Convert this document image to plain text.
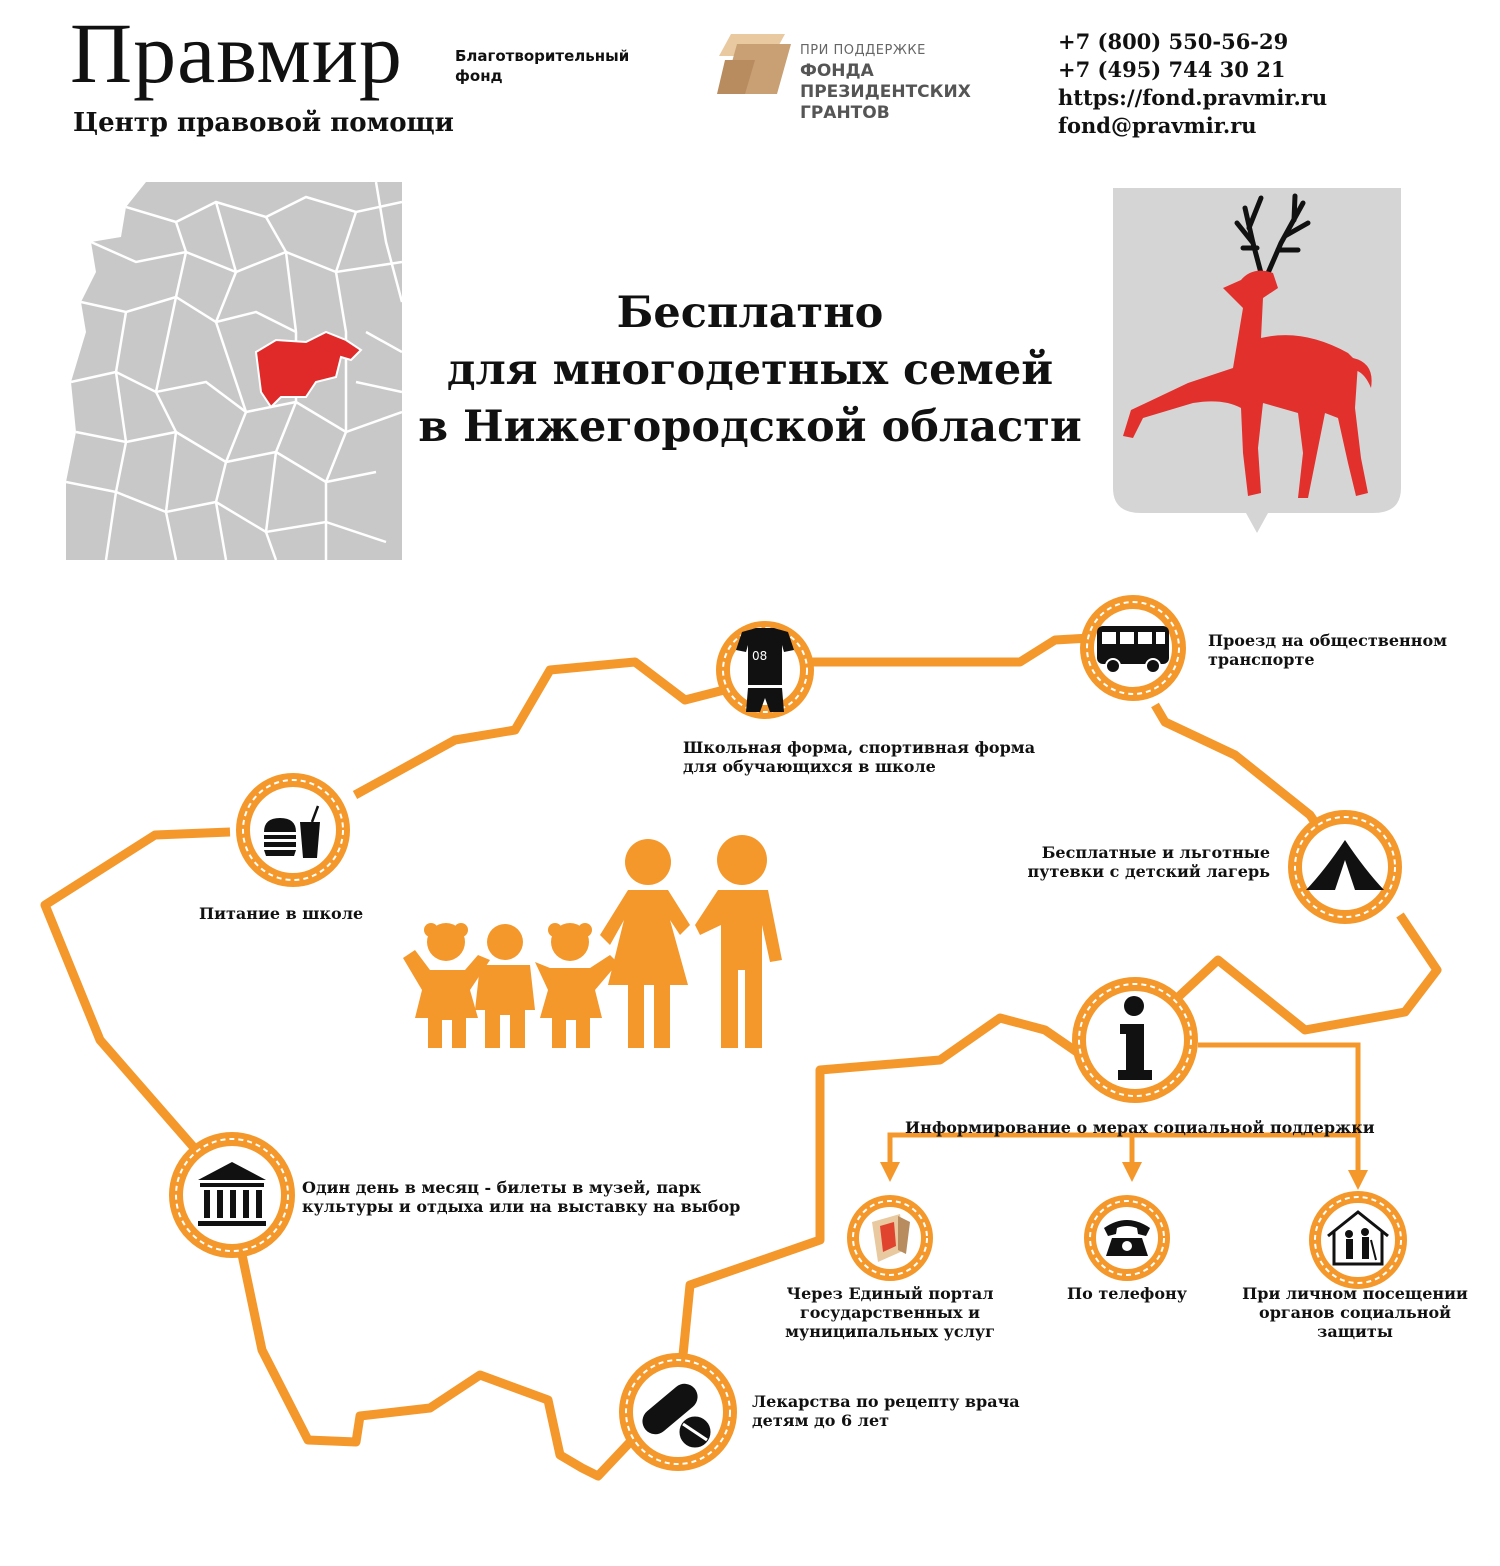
Правмир
Центр правовой помощи
Благотворительный
фонд
ПРИ ПОДДЕРЖКЕ
ФОНДА
ПРЕЗИДЕНТСКИХ
ГРАНТОВ
+7 (800) 550-56-29
+7 (495) 744 30 21
https://fond.pravmir.ru
fond@pravmir.ru
Бесплатно
для многодетных семей
в Нижегородской области
08
Школьная форма, спортивная форма
для обучающихся в школе
Проезд на общественном
транспорте
Бесплатные и льготные
путевки с детский лагерь
Питание в школе
Информирование о мерах социальной поддержки
Один день в месяц - билеты в музей, парк
культуры и отдыха или на выставку на выбор
Через Единый портал
государственных и
муниципальных услуг
По телефону	При личном посещении
органов социальной
защиты
Лекарства по рецепту врача
детям до 6 лет
